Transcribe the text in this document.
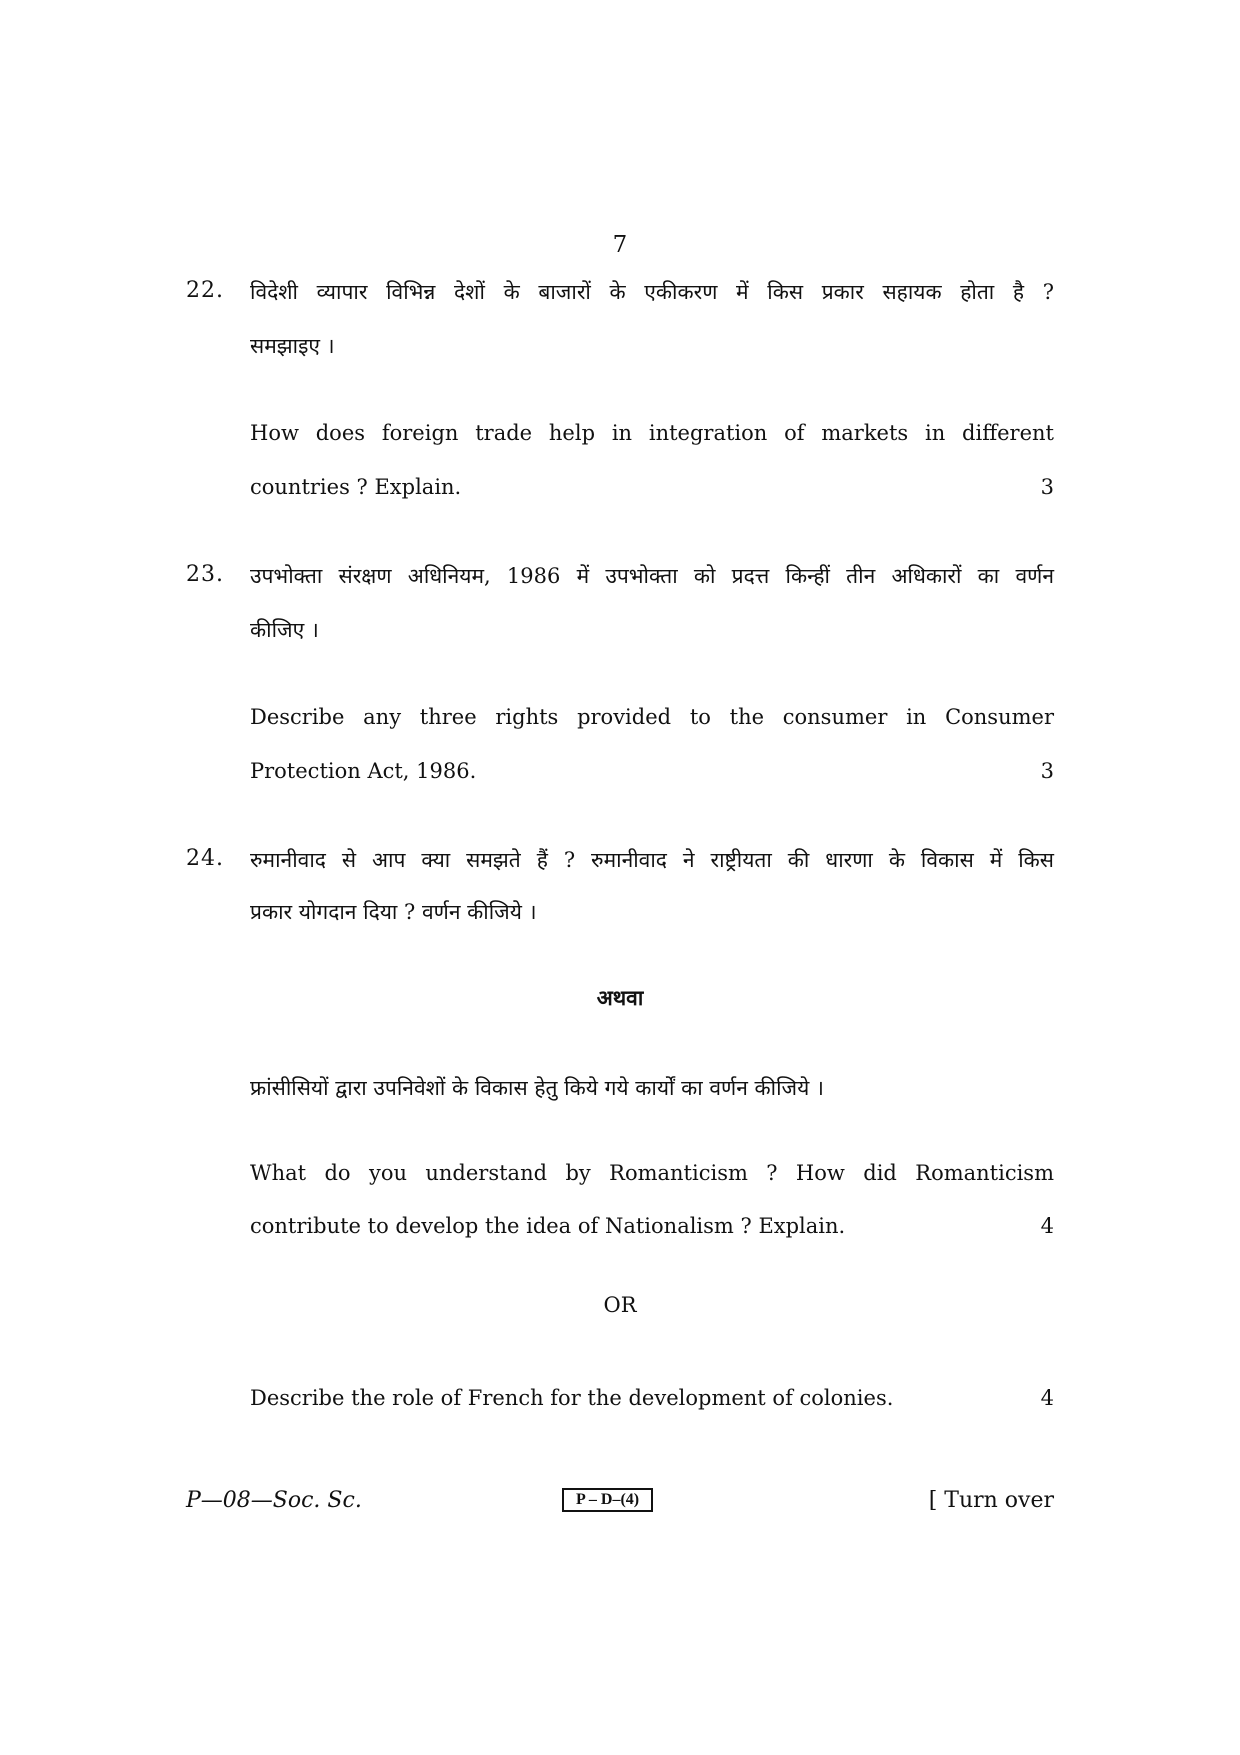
7
22. विदेशी व्यापार विभिन्न देशों के बाजारों के एकीकरण में किस प्रकार सहायक होता है ?
समझाइए ।
How does foreign trade help in integration of markets in different
countries ? Explain.	3
23. उपभोक्ता संरक्षण अधिनियम, 1986 में उपभोक्ता को प्रदत्त किन्हीं तीन अधिकारों का वर्णन
कीजिए ।
Describe any three rights provided to the consumer in Consumer
Protection Act, 1986.	3
24. रुमानीवाद से आप क्या समझते हैं ? रुमानीवाद ने राष्ट्रीयता की धारणा के विकास में किस
प्रकार योगदान दिया ? वर्णन कीजिये ।
फ्रांसीसियों द्वारा उपनिवेशों के विकास हेतु किये गये कार्यों का वर्णन कीजिये ।
What do you understand by Romanticism ? How did Romanticism
contribute to develop the idea of Nationalism ? Explain.	4
Describe the role of French for the development of colonies.	4
अथवा
OR
P—08—Soc. Sc.	P – D–(4)	[ Turn over
